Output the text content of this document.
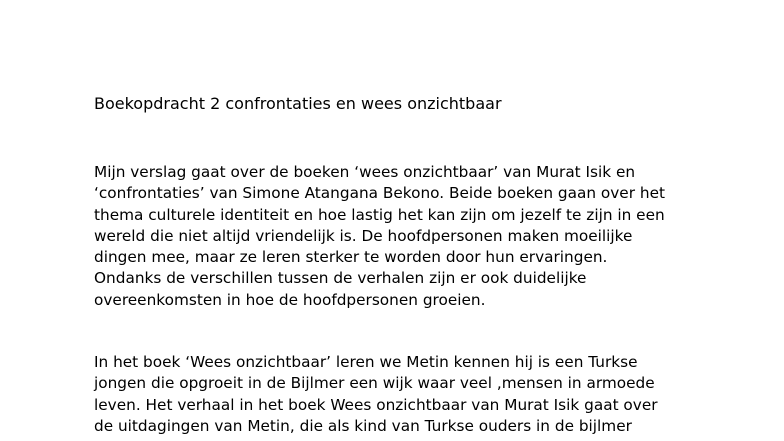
Boekopdracht 2 confrontaties en wees onzichtbaar

Mijn verslag gaat over de boeken ‘wees onzichtbaar’ van Murat Isik en
‘confrontaties’ van Simone Atangana Bekono. Beide boeken gaan over het
thema culturele identiteit en hoe lastig het kan zijn om jezelf te zijn in een
wereld die niet altijd vriendelijk is. De hoofdpersonen maken moeilijke
dingen mee, maar ze leren sterker te worden door hun ervaringen.
Ondanks de verschillen tussen de verhalen zijn er ook duidelijke
overeenkomsten in hoe de hoofdpersonen groeien.

In het boek ‘Wees onzichtbaar’ leren we Metin kennen hij is een Turkse
jongen die opgroeit in de Bijlmer een wijk waar veel ,mensen in armoede
leven. Het verhaal in het boek Wees onzichtbaar van Murat Isik gaat over
de uitdagingen van Metin, die als kind van Turkse ouders in de bijlmer
